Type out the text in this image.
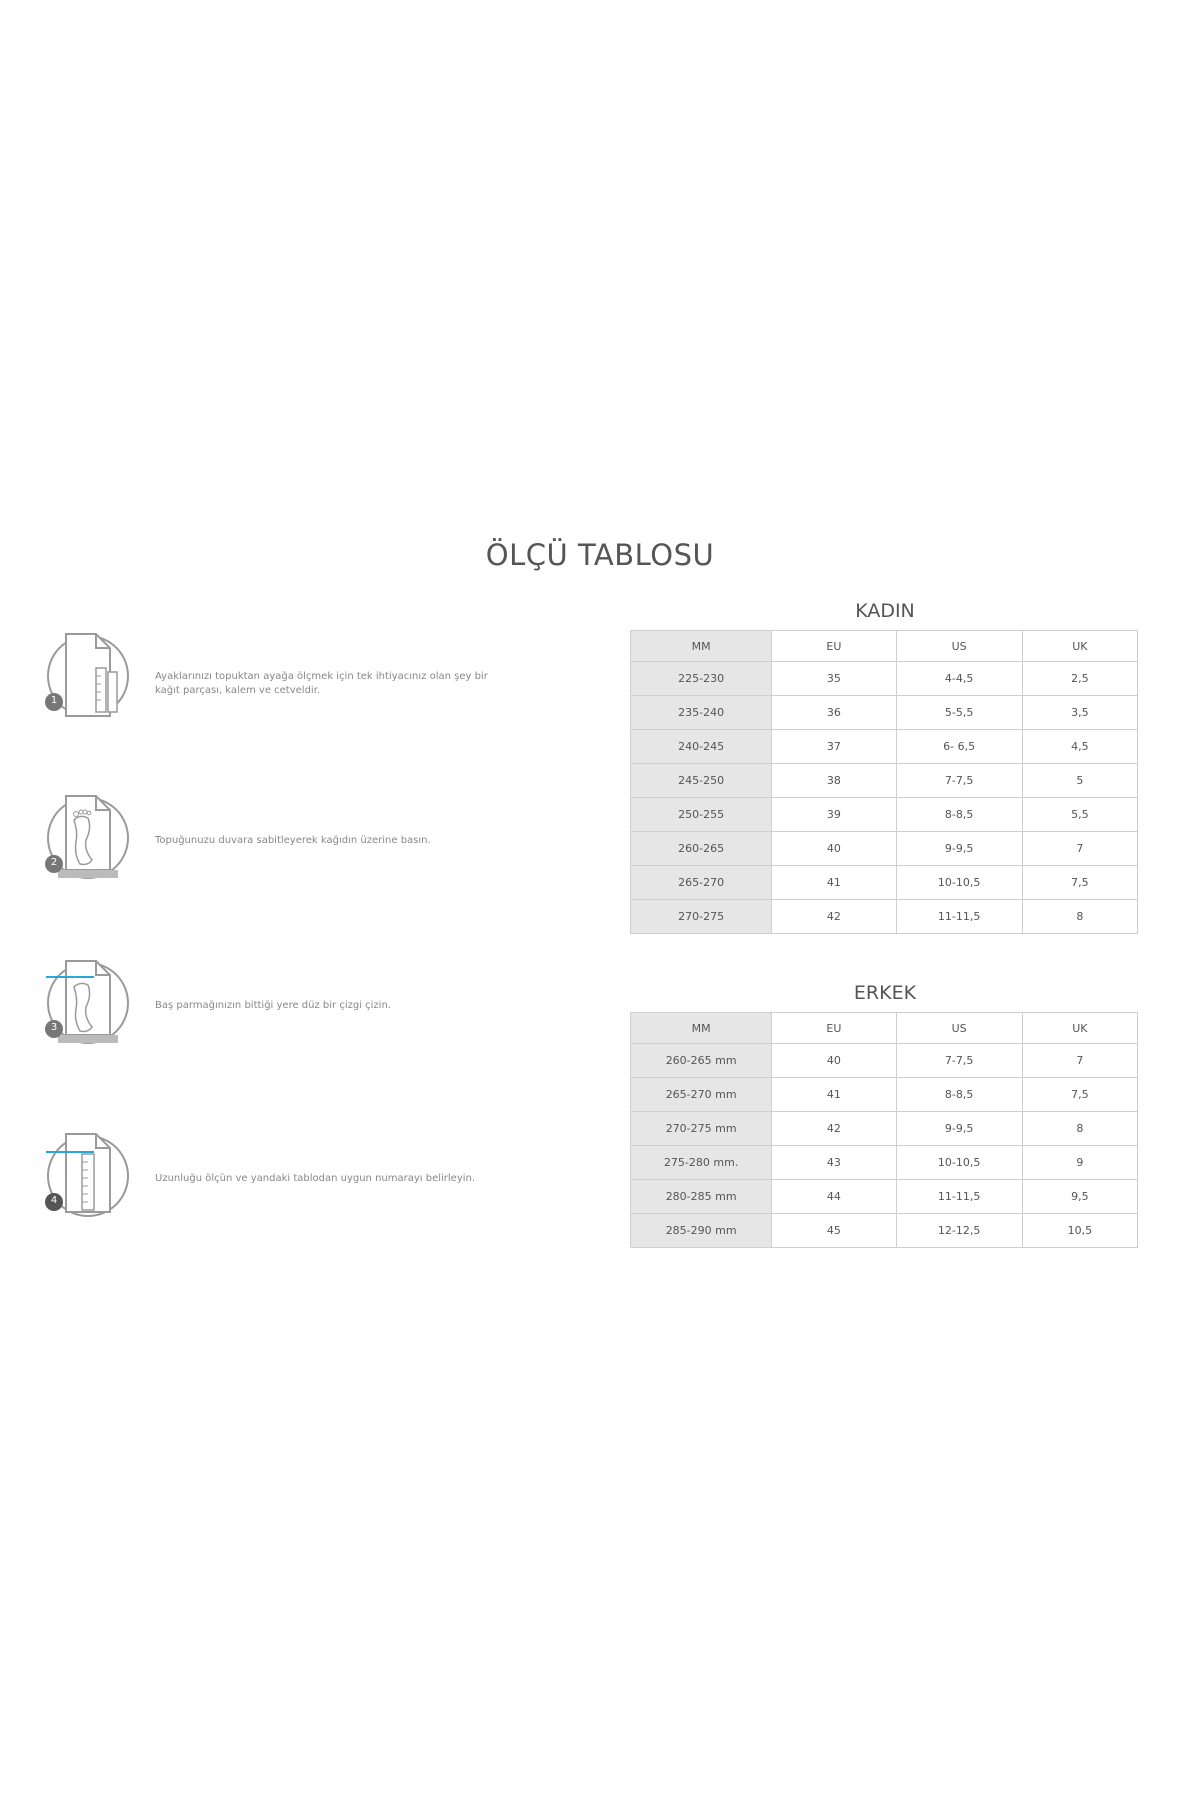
ÖLÇÜ TABLOSU
1
Ayaklarınızı topuktan ayağa ölçmek için tek ihtiyacınız olan şey bir kağıt parçası, kalem ve cetveldir.
2
Topuğunuzu duvara sabitleyerek kağıdın üzerine basın.
3
Baş parmağınızın bittiği yere düz bir çizgi çizin.
4
Uzunluğu ölçün ve yandaki tablodan uygun numarayı belirleyin.
KADIN
MM	EU	US	UK
225-230	35	4-4,5	2,5
235-240	36	5-5,5	3,5
240-245	37	6- 6,5	4,5
245-250	38	7-7,5	5
250-255	39	8-8,5	5,5
260-265	40	9-9,5	7
265-270	41	10-10,5	7,5
270-275	42	11-11,5	8
ERKEK
MM	EU	US	UK
260-265 mm	40	7-7,5	7
265-270 mm	41	8-8,5	7,5
270-275 mm	42	9-9,5	8
275-280 mm.	43	10-10,5	9
280-285 mm	44	11-11,5	9,5
285-290 mm	45	12-12,5	10,5
